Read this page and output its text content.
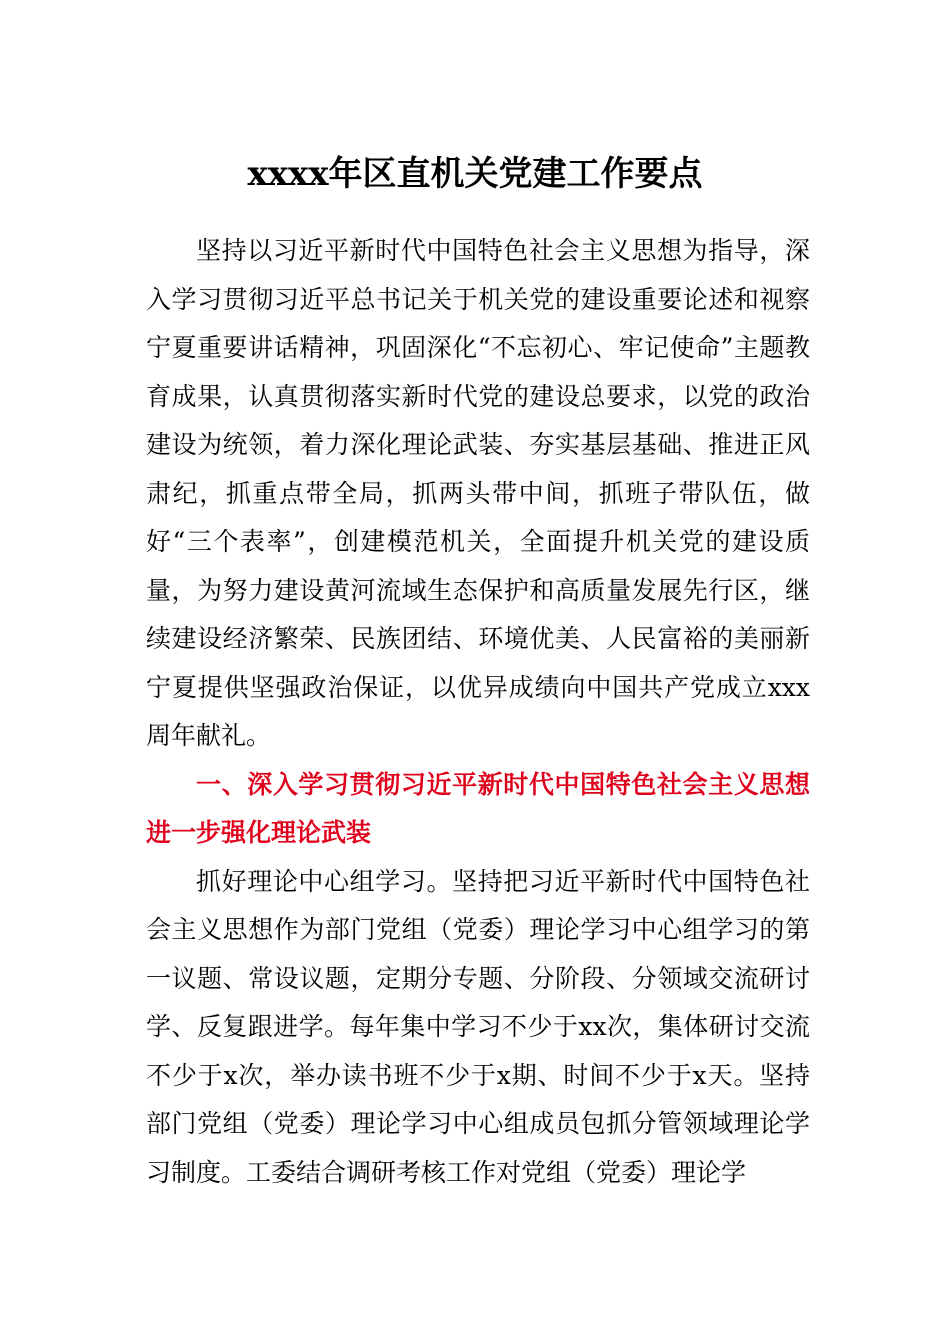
xxxx年区直机关党建工作要点

坚持以习近平新时代中国特色社会主义思想为指导，深入学习贯彻习近平总书记关于机关党的建设重要论述和视察宁夏重要讲话精神，巩固深化“不忘初心、牢记使命”主题教育成果，认真贯彻落实新时代党的建设总要求，以党的政治建设为统领，着力深化理论武装、夯实基层基础、推进正风肃纪，抓重点带全局，抓两头带中间，抓班子带队伍，做好“三个表率”，创建模范机关，全面提升机关党的建设质量，为努力建设黄河流域生态保护和高质量发展先行区，继续建设经济繁荣、民族团结、环境优美、人民富裕的美丽新宁夏提供坚强政治保证，以优异成绩向中国共产党成立xxx周年献礼。

一、深入学习贯彻习近平新时代中国特色社会主义思想进一步强化理论武装

抓好理论中心组学习。坚持把习近平新时代中国特色社会主义思想作为部门党组（党委）理论学习中心组学习的第一议题、常设议题，定期分专题、分阶段、分领域交流研讨学、反复跟进学。每年集中学习不少于xx次，集体研讨交流不少于x次，举办读书班不少于x期、时间不少于x天。坚持部门党组（党委）理论学习中心组成员包抓分管领域理论学习制度。工委结合调研考核工作对党组（党委）理论学
